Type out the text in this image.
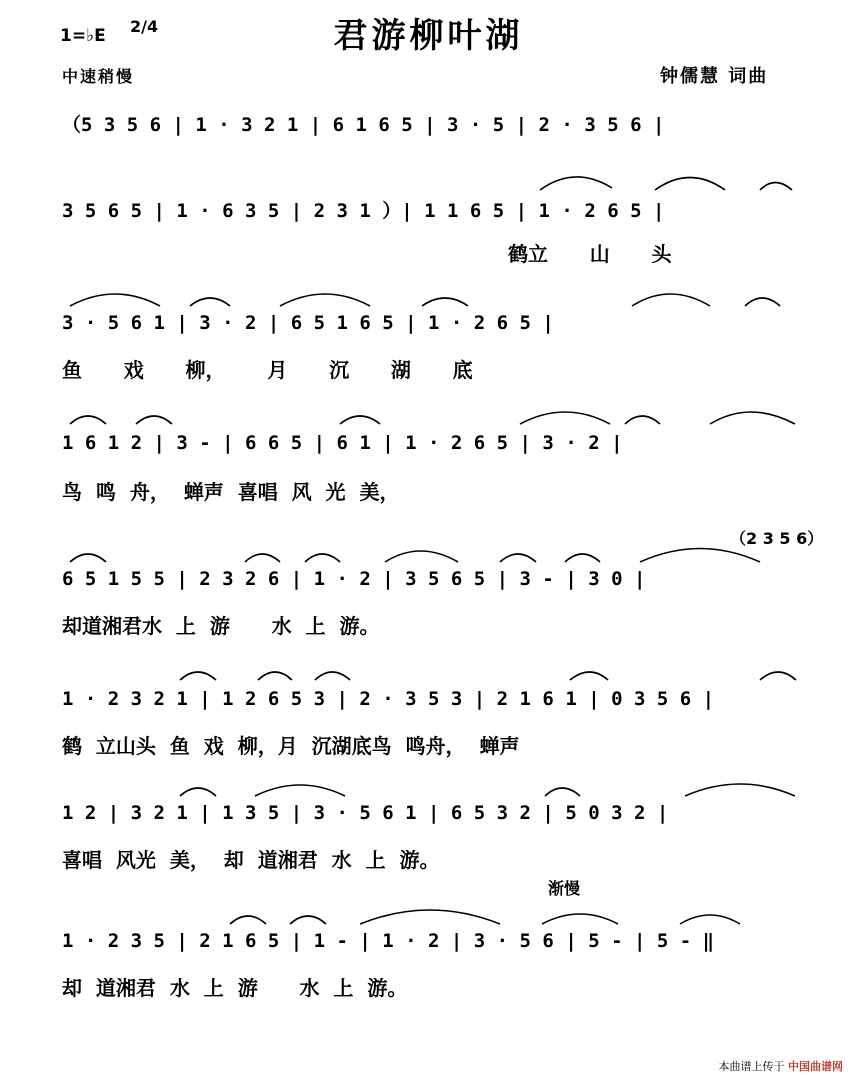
1=♭E 2/4
中速稍慢
君游柳叶湖
钟儒慧 词曲
（5 3 5 6 | 1 · 3 2 1 | 6 1 6 5 | 3 · 5 | 2 · 3 5 6 |
3 5 6 5 | 1 · 6 3 5 | 2 3 1 ）| 1 1 6 5 | 1 · 2 6 5 |
鹤立      山      头
3 · 5 6 1 | 3 · 2 | 6 5 1 6 5 | 1 · 2 6 5 |
鱼      戏      柳，      月      沉      湖      底
1 6 1 2 | 3 - | 6 6 5 | 6 1 | 1 · 2 6 5 | 3 · 2 |
鸟  鸣  舟，  蝉声  喜唱  风  光  美，
（2 3 5 6）
6 5 1 5 5 | 2 3 2 6 | 1 · 2 | 3 5 6 5 | 3 - | 3 0 |
却道湘君水  上  游      水  上  游。
1 · 2 3 2 1 | 1 2 6 5 3 | 2 · 3 5 3 | 2 1 6 1 | 0 3 5 6 |
鹤  立山头  鱼  戏  柳，月  沉湖底鸟  鸣舟，  蝉声
1 2 | 3 2 1 | 1 3 5 | 3 · 5 6 1 | 6 5 3 2 | 5 0 3 2 |
喜唱  风光  美，  却  道湘君  水  上  游。
渐慢
1 · 2 3 5 | 2 1 6 5 | 1 - | 1 · 2 | 3 · 5 6 | 5 - | 5 - ‖
却  道湘君  水  上  游      水  上  游。
本曲谱上传于 中国曲谱网
